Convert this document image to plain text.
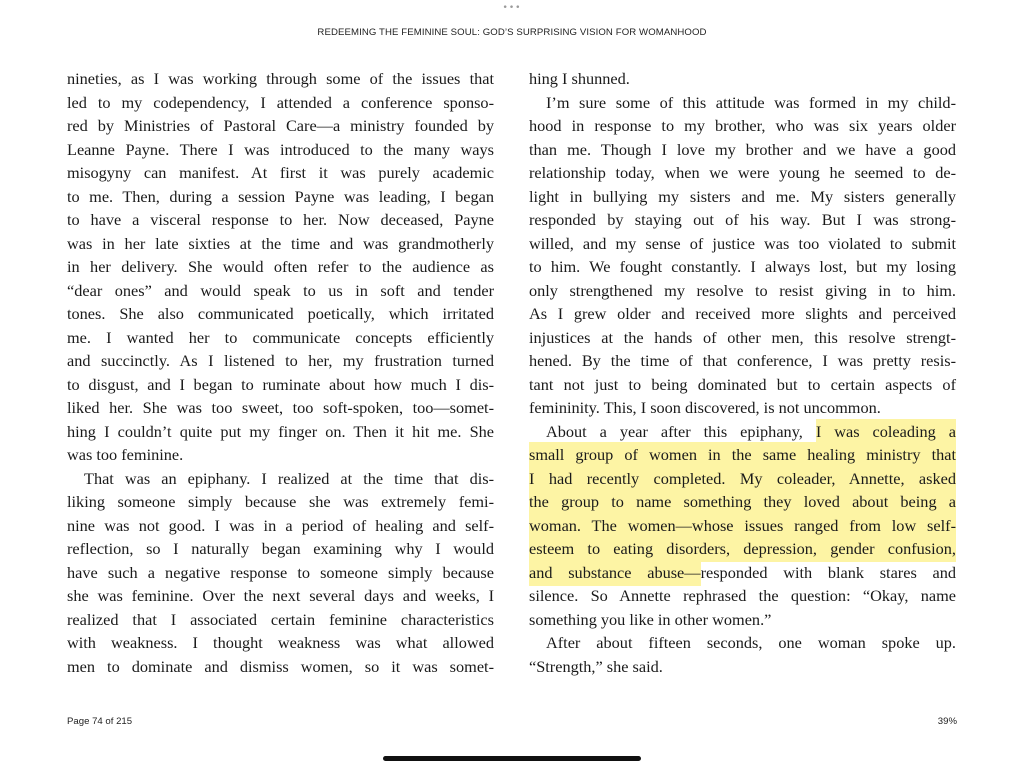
•••
REDEEMING THE FEMININE SOUL: GOD’S SURPRISING VISION FOR WOMANHOOD
nineties, as I was working through some of the issues that
led to my codependency, I attended a conference sponso-
red by Ministries of Pastoral Care—a ministry founded by
Leanne Payne. There I was introduced to the many ways
misogyny can manifest. At first it was purely academic
to me. Then, during a session Payne was leading, I began
to have a visceral response to her. Now deceased, Payne
was in her late sixties at the time and was grandmotherly
in her delivery. She would often refer to the audience as
“dear ones” and would speak to us in soft and tender
tones. She also communicated poetically, which irritated
me. I wanted her to communicate concepts efficiently
and succinctly. As I listened to her, my frustration turned
to disgust, and I began to ruminate about how much I dis-
liked her. She was too sweet, too soft-spoken, too—somet-
hing I couldn’t quite put my finger on. Then it hit me. She
was too feminine.
That was an epiphany. I realized at the time that dis-
liking someone simply because she was extremely femi-
nine was not good. I was in a period of healing and self-
reflection, so I naturally began examining why I would
have such a negative response to someone simply because
she was feminine. Over the next several days and weeks, I
realized that I associated certain feminine characteristics
with weakness. I thought weakness was what allowed
men to dominate and dismiss women, so it was somet-
hing I shunned.
I’m sure some of this attitude was formed in my child-
hood in response to my brother, who was six years older
than me. Though I love my brother and we have a good
relationship today, when we were young he seemed to de-
light in bullying my sisters and me. My sisters generally
responded by staying out of his way. But I was strong-
willed, and my sense of justice was too violated to submit
to him. We fought constantly. I always lost, but my losing
only strengthened my resolve to resist giving in to him.
As I grew older and received more slights and perceived
injustices at the hands of other men, this resolve strengt-
hened. By the time of that conference, I was pretty resis-
tant not just to being dominated but to certain aspects of
femininity. This, I soon discovered, is not uncommon.
About a year after this epiphany, I was coleading a
small group of women in the same healing ministry that
I had recently completed. My coleader, Annette, asked
the group to name something they loved about being a
woman. The women—whose issues ranged from low self-
esteem to eating disorders, depression, gender confusion,
and substance abuse—responded with blank stares and
silence. So Annette rephrased the question: “Okay, name
something you like in other women.”
After about fifteen seconds, one woman spoke up.
“Strength,” she said.
Page 74 of 215	39%
